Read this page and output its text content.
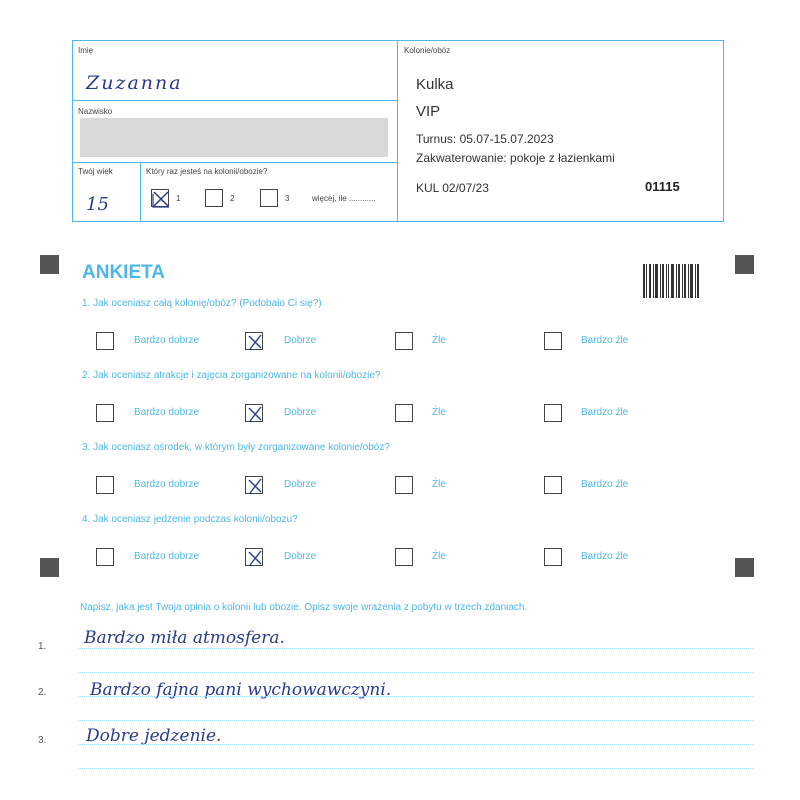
Imię
Zuzanna
Nazwisko
Twój wiek
15
Który raz jesteś na kolonii/obozie?
1	2	3	więcej, ile ............
Kolonie/obóz
Kulka
VIP
Turnus: 05.07-15.07.2023
Zakwaterowanie: pokoje z łazienkami
KUL 02/07/23	01115
ANKIETA
1. Jak oceniasz całą kolonię/obóz? (Podobało Ci się?)
Bardzo dobrze	Dobrze	Źle	Bardzo źle
2. Jak oceniasz atrakcje i zajęcia zorganizowane na kolonii/obozie?
Bardzo dobrze	Dobrze	Źle	Bardzo źle
3. Jak oceniasz ośrodek, w którym były zorganizowane kolonie/obóz?
Bardzo dobrze	Dobrze	Źle	Bardzo źle
4. Jak oceniasz jedzenie podczas kolonii/obozu?
Bardzo dobrze	Dobrze	Źle	Bardzo źle
Napisz, jaka jest Twoja opinia o kolonii lub obozie. Opisz swoje wrażenia z pobytu w trzech zdaniach.
1. Bardzo miła atmosfera.
2.	Bardzo fajna pani wychowawczyni.
3. Dobre jedzenie.
